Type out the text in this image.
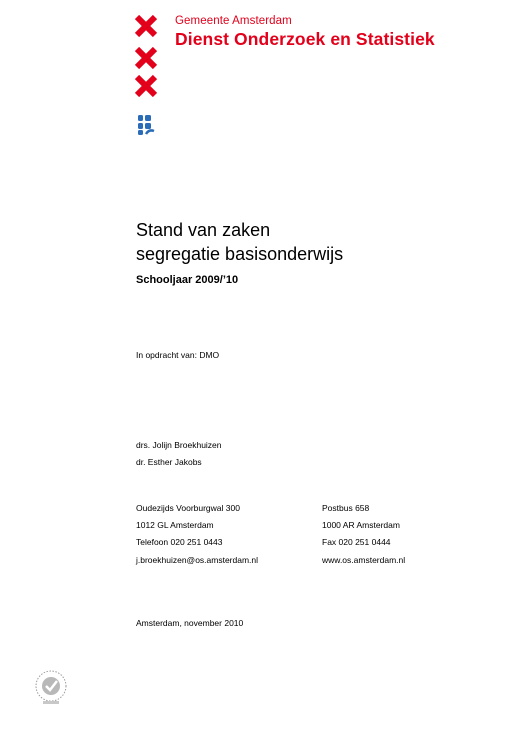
Gemeente Amsterdam
Dienst Onderzoek en Statistiek
Stand van zaken
segregatie basisonderwijs
Schooljaar 2009/’10
In opdracht van: DMO
drs. Jolijn Broekhuizen
dr. Esther Jakobs
Oudezijds Voorburgwal 300
1012 GL Amsterdam
Telefoon 020 251 0443
j.broekhuizen@os.amsterdam.nl
Postbus 658
1000 AR Amsterdam
Fax 020 251 0444
www.os.amsterdam.nl
Amsterdam, november 2010
